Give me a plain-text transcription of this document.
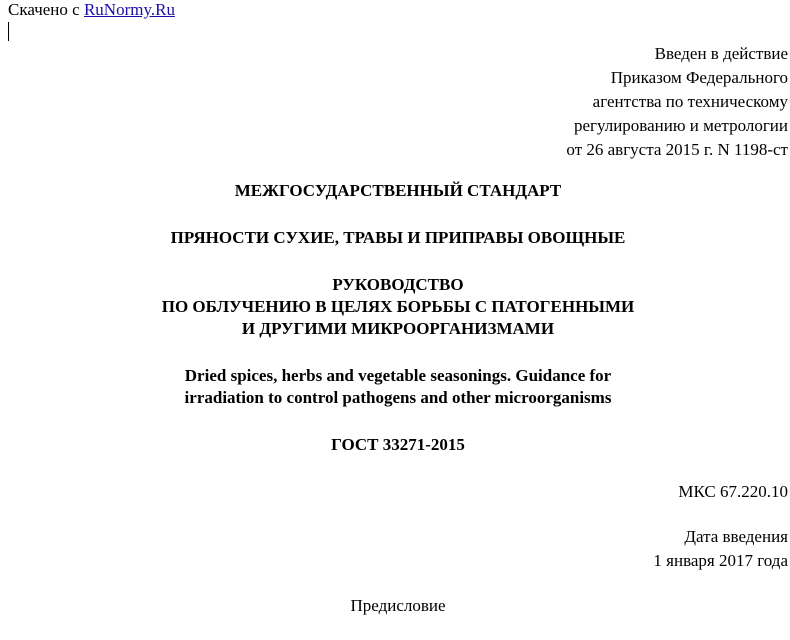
Скачено с RuNormy.Ru
Введен в действие
Приказом Федерального
агентства по техническому
регулированию и метрологии
от 26 августа 2015 г. N 1198-ст
МЕЖГОСУДАРСТВЕННЫЙ СТАНДАРТ
ПРЯНОСТИ СУХИЕ, ТРАВЫ И ПРИПРАВЫ ОВОЩНЫЕ
РУКОВОДСТВО
ПО ОБЛУЧЕНИЮ В ЦЕЛЯХ БОРЬБЫ С ПАТОГЕННЫМИ
И ДРУГИМИ МИКРООРГАНИЗМАМИ
Dried spices, herbs and vegetable seasonings. Guidance for
irradiation to control pathogens and other microorganisms
ГОСТ 33271-2015
МКС 67.220.10
Дата введения
1 января 2017 года
Предисловие
